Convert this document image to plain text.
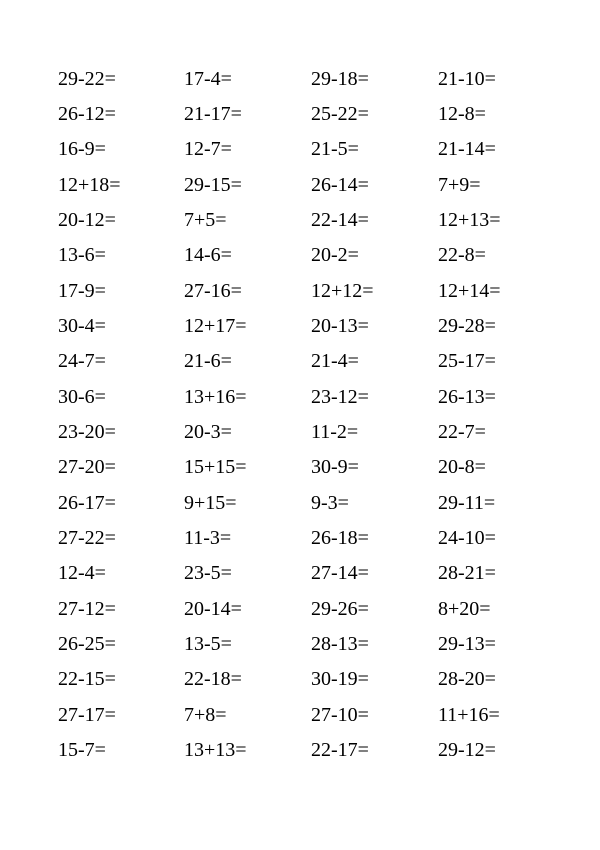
29-22=	17-4=	29-18=	21-10=
26-12=	21-17=	25-22=	12-8=
16-9=	12-7=	21-5=	21-14=
12+18=	29-15=	26-14=	7+9=
20-12=	7+5=	22-14=	12+13=
13-6=	14-6=	20-2=	22-8=
17-9=	27-16=	12+12=	12+14=
30-4=	12+17=	20-13=	29-28=
24-7=	21-6=	21-4=	25-17=
30-6=	13+16=	23-12=	26-13=
23-20=	20-3=	11-2=	22-7=
27-20=	15+15=	30-9=	20-8=
26-17=	9+15=	9-3=	29-11=
27-22=	11-3=	26-18=	24-10=
12-4=	23-5=	27-14=	28-21=
27-12=	20-14=	29-26=	8+20=
26-25=	13-5=	28-13=	29-13=
22-15=	22-18=	30-19=	28-20=
27-17=	7+8=	27-10=	11+16=
15-7=	13+13=	22-17=	29-12=
